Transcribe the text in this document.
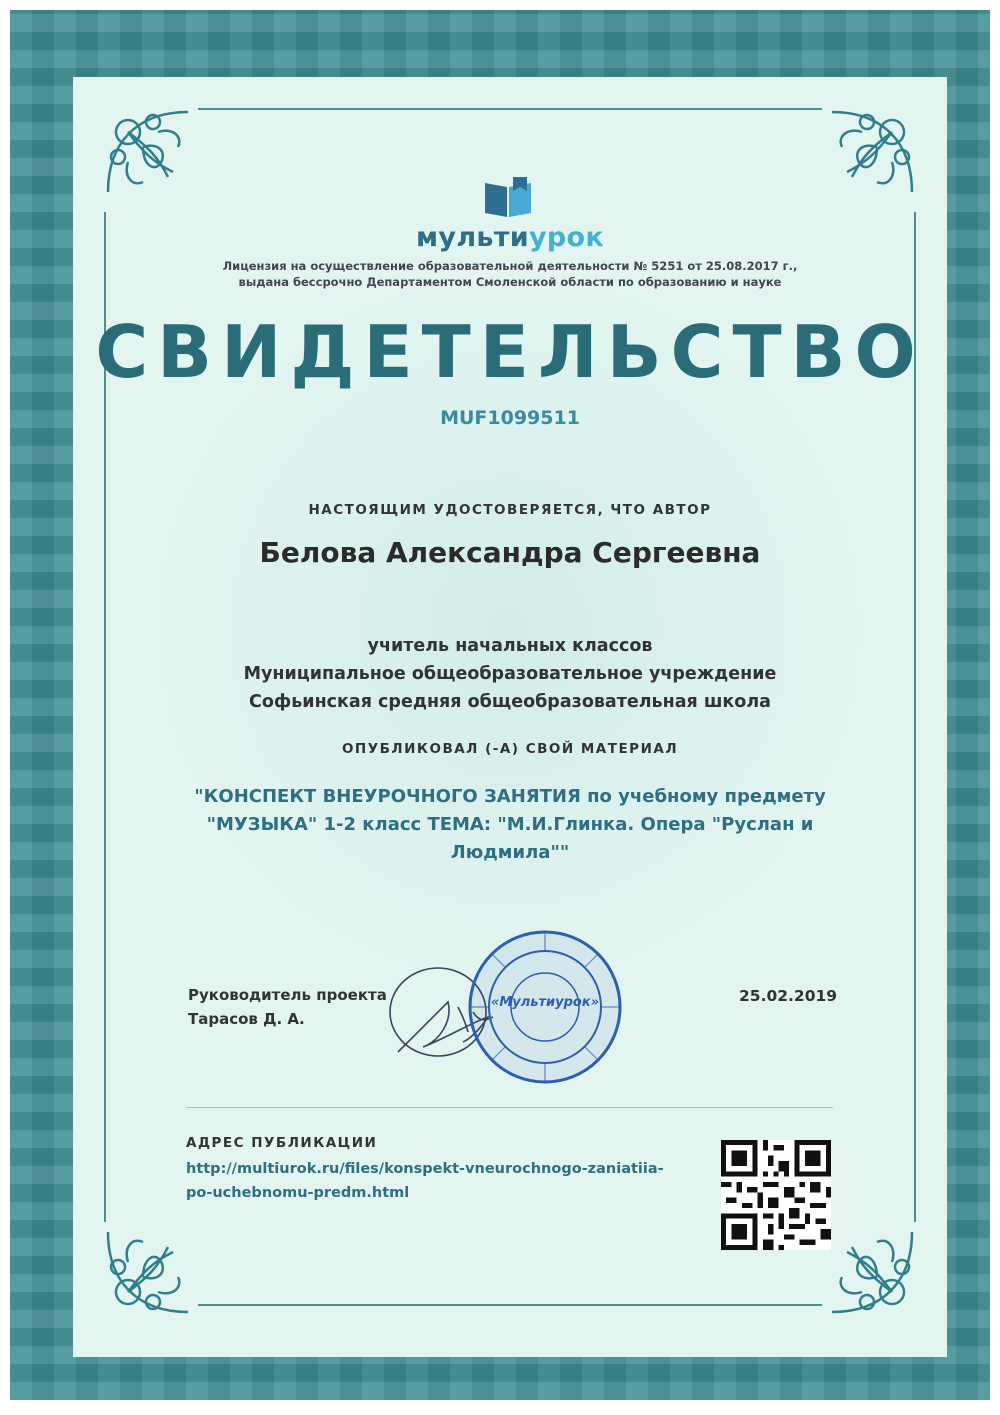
мультиурок
Лицензия на осуществление образовательной деятельности № 5251 от 25.08.2017 г.,
выдана бессрочно Департаментом Смоленской области по образованию и науке
СВИДЕТЕЛЬСТВО
MUF1099511
НАСТОЯЩИМ УДОСТОВЕРЯЕТСЯ, ЧТО АВТОР
Белова Александра Сергеевна
учитель начальных классов
Муниципальное общеобразовательное учреждение
Софьинская средняя общеобразовательная школа
ОПУБЛИКОВАЛ (-А) СВОЙ МАТЕРИАЛ
"КОНСПЕКТ ВНЕУРОЧНОГО ЗАНЯТИЯ по учебному предмету
"МУЗЫКА" 1-2 класс ТЕМА: "М.И.Глинка. Опера "Руслан и
Людмила""
Руководитель проекта
Тарасов Д. А.
«Мультиурок»	25.02.2019
АДРЕС ПУБЛИКАЦИИ
http://multiurok.ru/files/konspekt-vneurochnogo-zaniatiia-
po-uchebnomu-predm.html
